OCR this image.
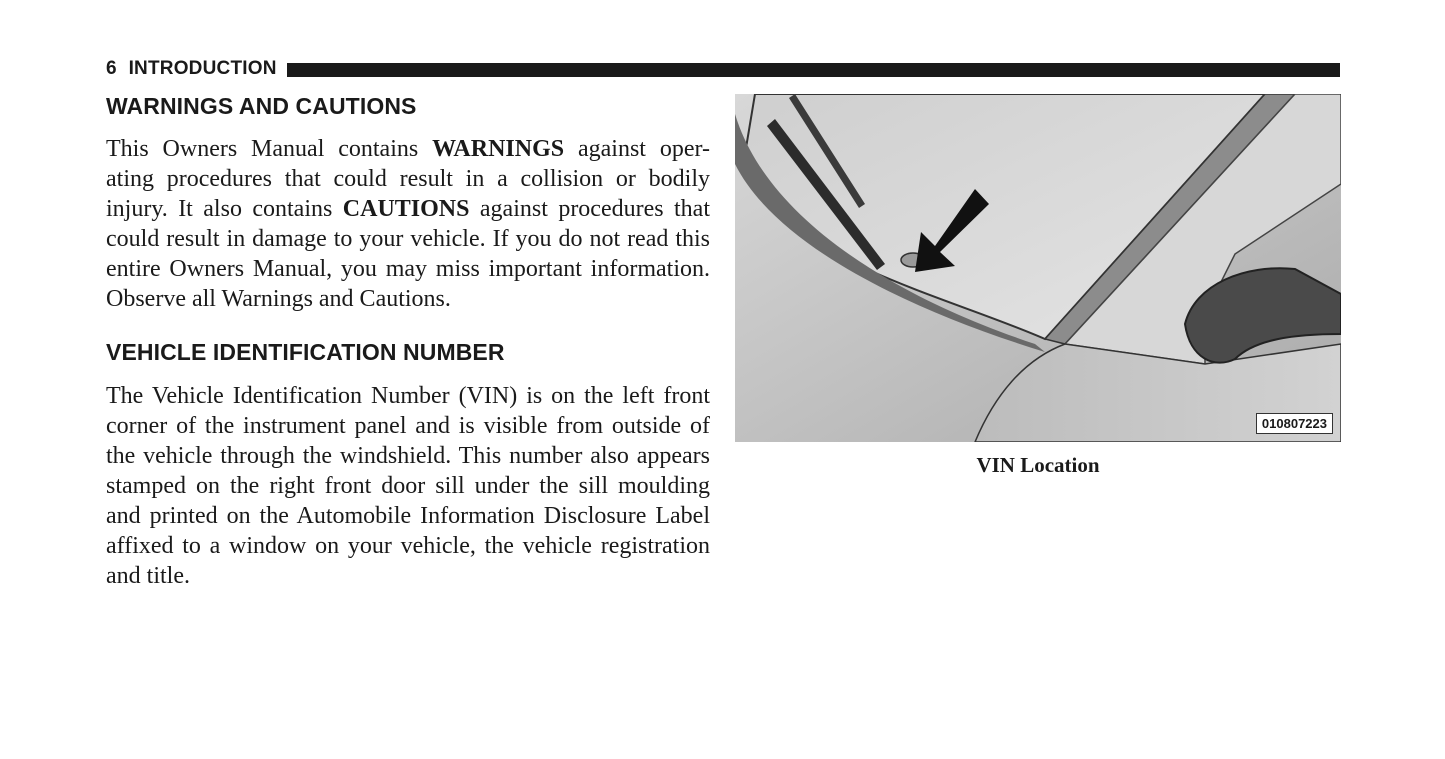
6 INTRODUCTION
WARNINGS AND CAUTIONS

This Owners Manual contains WARNINGS against oper-ating procedures that could result in a collision or bodily injury. It also contains CAUTIONS against procedures that could result in damage to your vehicle. If you do not read this entire Owners Manual, you may miss important information. Observe all Warnings and Cautions.

VEHICLE IDENTIFICATION NUMBER

The Vehicle Identification Number (VIN) is on the left front corner of the instrument panel and is visible from outside of the vehicle through the windshield. This number also appears stamped on the right front door sill under the sill moulding and printed on the Automobile Information Disclosure Label affixed to a window on your vehicle, the vehicle registration and title.

010807223
VIN Location
